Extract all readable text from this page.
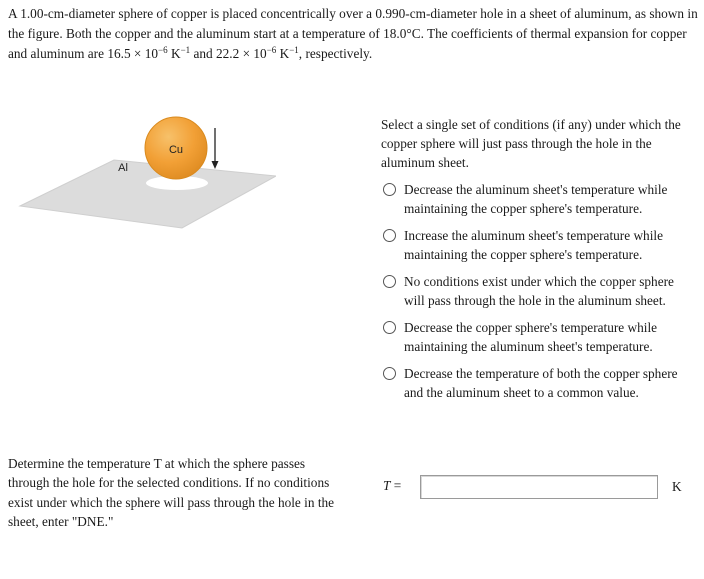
A 1.00-cm-diameter sphere of copper is placed concentrically over a 0.990-cm-diameter hole in a sheet of aluminum, as shown in the figure. Both the copper and the aluminum start at a temperature of 18.0°C. The coefficients of thermal expansion for copper and aluminum are $16.5 \times 10^{-6}$ $K^{-1}$ and $22.2 \times 10^{-6}$ $K^{-1}$, respectively.
Cu
Al
Select a single set of conditions (if any) under which the copper sphere will just pass through the hole in the aluminum sheet.
Decrease the aluminum sheet's temperature while maintaining the copper sphere's temperature.
Increase the aluminum sheet's temperature while maintaining the copper sphere's temperature.
No conditions exist under which the copper sphere will pass through the hole in the aluminum sheet.
Decrease the copper sphere's temperature while maintaining the aluminum sheet's temperature.
Decrease the temperature of both the copper sphere and the aluminum sheet to a common value.
Determine the temperature T at which the sphere passes through the hole for the selected conditions. If no conditions exist under which the sphere will pass through the hole in the sheet, enter "DNE."
T =	K
